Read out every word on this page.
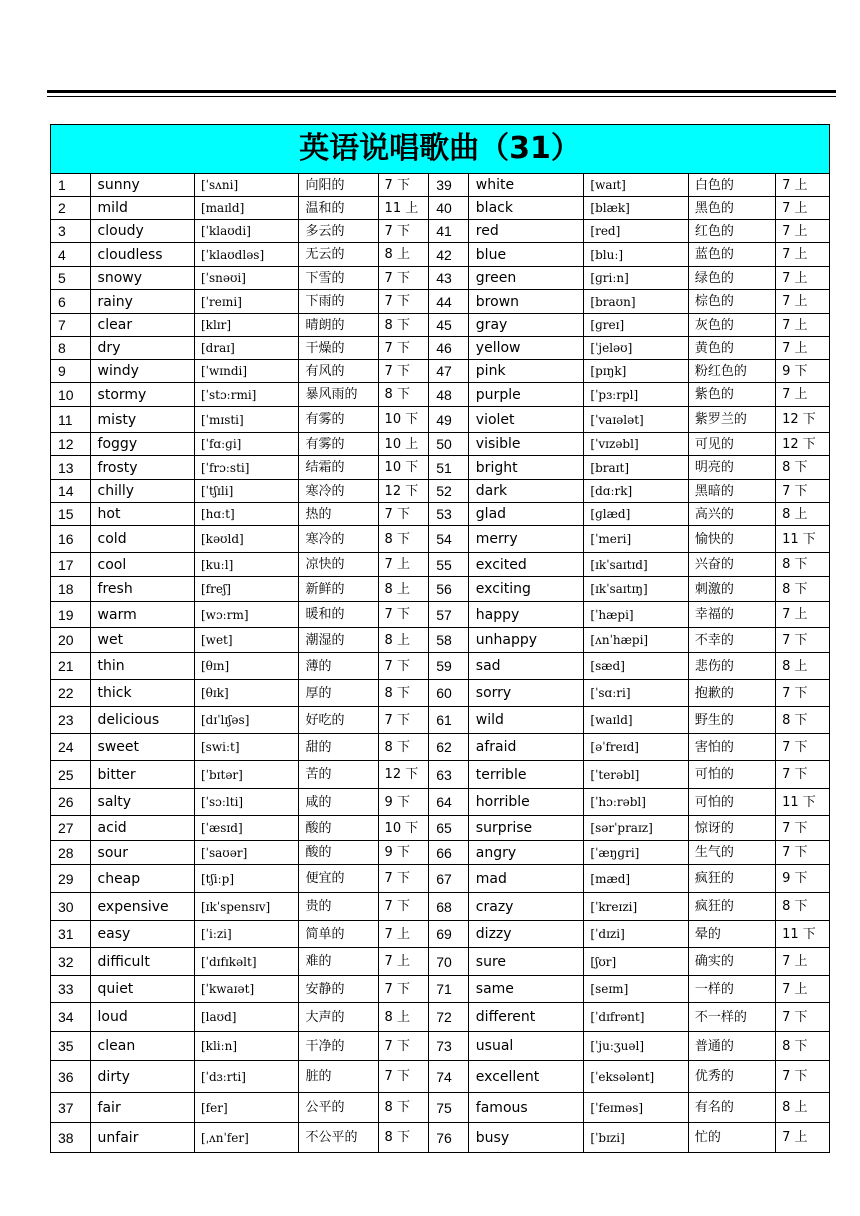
英语说唱歌曲（31）									
1	sunny	[ˈsʌni]	向阳的	7 下	39	white	[waɪt]	白色的	7 上
2	mild	[maɪld]	温和的	11 上	40	black	[blæk]	黑色的	7 上
3	cloudy	[ˈklaʊdi]	多云的	7 下	41	red	[red]	红色的	7 上
4	cloudless	[ˈklaʊdləs]	无云的	8 上	42	blue	[bluː]	蓝色的	7 上
5	snowy	[ˈsnəʊi]	下雪的	7 下	43	green	[ɡriːn]	绿色的	7 上
6	rainy	[ˈreɪni]	下雨的	7 下	44	brown	[braʊn]	棕色的	7 上
7	clear	[klɪr]	晴朗的	8 下	45	gray	[ɡreɪ]	灰色的	7 上
8	dry	[draɪ]	干燥的	7 下	46	yellow	[ˈjeləʊ]	黄色的	7 上
9	windy	[ˈwɪndi]	有风的	7 下	47	pink	[pɪŋk]	粉红色的	9 下
10	stormy	[ˈstɔːrmi]	暴风雨的	8 下	48	purple	[ˈpɜːrpl]	紫色的	7 上
11	misty	[ˈmɪsti]	有雾的	10 下	49	violet	[ˈvaɪələt]	紫罗兰的	12 下
12	foggy	[ˈfɑːɡi]	有雾的	10 上	50	visible	[ˈvɪzəbl]	可见的	12 下
13	frosty	[ˈfrɔːsti]	结霜的	10 下	51	bright	[braɪt]	明亮的	8 下
14	chilly	[ˈtʃɪli]	寒冷的	12 下	52	dark	[dɑːrk]	黑暗的	7 下
15	hot	[hɑːt]	热的	7 下	53	glad	[ɡlæd]	高兴的	8 上
16	cold	[kəʊld]	寒冷的	8 下	54	merry	[ˈmeri]	愉快的	11 下
17	cool	[kuːl]	凉快的	7 上	55	excited	[ɪkˈsaɪtɪd]	兴奋的	8 下
18	fresh	[freʃ]	新鲜的	8 上	56	exciting	[ɪkˈsaɪtɪŋ]	刺激的	8 下
19	warm	[wɔːrm]	暖和的	7 下	57	happy	[ˈhæpi]	幸福的	7 上
20	wet	[wet]	潮湿的	8 上	58	unhappy	[ʌnˈhæpi]	不幸的	7 下
21	thin	[θɪn]	薄的	7 下	59	sad	[sæd]	悲伤的	8 上
22	thick	[θɪk]	厚的	8 下	60	sorry	[ˈsɑːri]	抱歉的	7 下
23	delicious	[dɪˈlɪʃəs]	好吃的	7 下	61	wild	[waɪld]	野生的	8 下
24	sweet	[swiːt]	甜的	8 下	62	afraid	[əˈfreɪd]	害怕的	7 下
25	bitter	[ˈbɪtər]	苦的	12 下	63	terrible	[ˈterəbl]	可怕的	7 下
26	salty	[ˈsɔːlti]	咸的	9 下	64	horrible	[ˈhɔːrəbl]	可怕的	11 下
27	acid	[ˈæsɪd]	酸的	10 下	65	surprise	[sərˈpraɪz]	惊讶的	7 下
28	sour	[ˈsaʊər]	酸的	9 下	66	angry	[ˈæŋɡri]	生气的	7 下
29	cheap	[tʃiːp]	便宜的	7 下	67	mad	[mæd]	疯狂的	9 下
30	expensive	[ɪkˈspensɪv]	贵的	7 下	68	crazy	[ˈkreɪzi]	疯狂的	8 下
31	easy	[ˈiːzi]	简单的	7 上	69	dizzy	[ˈdɪzi]	晕的	11 下
32	difficult	[ˈdɪfɪkəlt]	难的	7 上	70	sure	[ʃʊr]	确实的	7 上
33	quiet	[ˈkwaɪət]	安静的	7 下	71	same	[seɪm]	一样的	7 上
34	loud	[laʊd]	大声的	8 上	72	different	[ˈdɪfrənt]	不一样的	7 下
35	clean	[kliːn]	干净的	7 下	73	usual	[ˈjuːʒuəl]	普通的	8 下
36	dirty	[ˈdɜːrti]	脏的	7 下	74	excellent	[ˈeksələnt]	优秀的	7 下
37	fair	[fer]	公平的	8 下	75	famous	[ˈfeɪməs]	有名的	8 上
38	unfair	[ˌʌnˈfer]	不公平的	8 下	76	busy	[ˈbɪzi]	忙的	7 上
